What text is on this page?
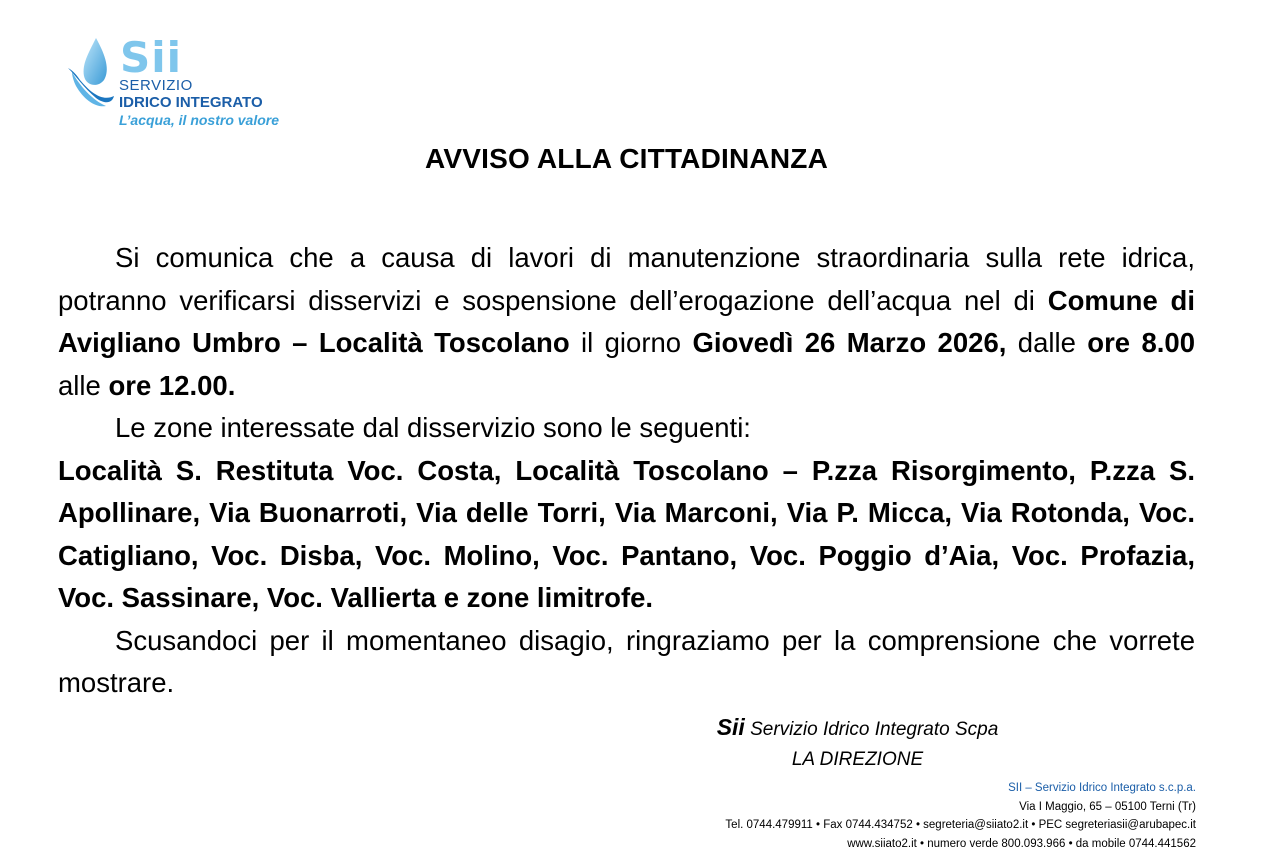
Sii
SERVIZIO
IDRICO INTEGRATO
L’acqua, il nostro valore
AVVISO ALLA CITTADINANZA

Si comunica che a causa di lavori di manutenzione straordinaria sulla rete idrica, potranno verificarsi disservizi e sospensione dell’erogazione dell’acqua nel di Comune di Avigliano Umbro – Località Toscolano il giorno Giovedì 26 Marzo 2026, dalle ore 8.00 alle ore 12.00.

Le zone interessate dal disservizio sono le seguenti:

Località S. Restituta Voc. Costa, Località Toscolano – P.zza Risorgimento, P.zza S. Apollinare, Via Buonarroti, Via delle Torri, Via Marconi, Via P. Micca, Via Rotonda, Voc. Catigliano, Voc. Disba, Voc. Molino, Voc. Pantano, Voc. Poggio d’Aia, Voc. Profazia, Voc. Sassinare, Voc. Vallierta e zone limitrofe.

Scusandoci per il momentaneo disagio, ringraziamo per la comprensione che vorrete mostrare.

Sii Servizio Idrico Integrato Scpa
LA DIREZIONE
SII – Servizio Idrico Integrato s.c.p.a.
Via I Maggio, 65 – 05100 Terni (Tr)
Tel. 0744.479911 • Fax 0744.434752 • segreteria@siiato2.it • PEC segreteriasii@arubapec.it
www.siiato2.it • numero verde 800.093.966 • da mobile 0744.441562
